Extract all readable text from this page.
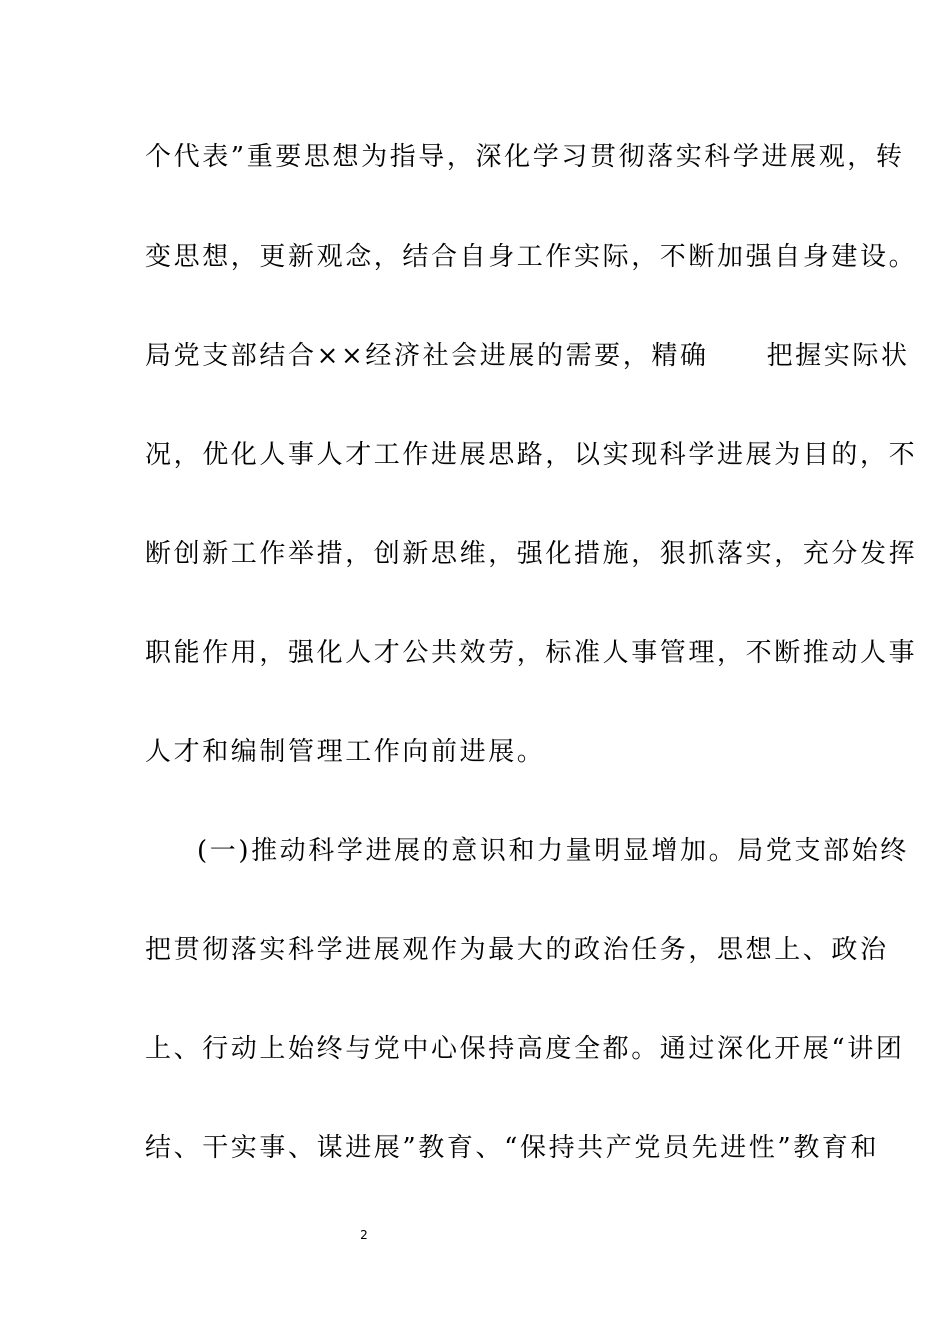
个代表”重要思想为指导，深化学习贯彻落实科学进展观，转
变思想，更新观念，结合自身工作实际，不断加强自身建设。
局党支部结合××经济社会进展的需要，精确 把握实际状
况，优化人事人才工作进展思路，以实现科学进展为目的，不
断创新工作举措，创新思维，强化措施，狠抓落实，充分发挥
职能作用，强化人才公共效劳，标准人事管理，不断推动人事
人才和编制管理工作向前进展。
(一)推动科学进展的意识和力量明显增加。局党支部始终
把贯彻落实科学进展观作为最大的政治任务，思想上、政治
上、行动上始终与党中心保持高度全都。通过深化开展“讲团
结、干实事、谋进展”教育、“保持共产党员先进性”教育和
2
